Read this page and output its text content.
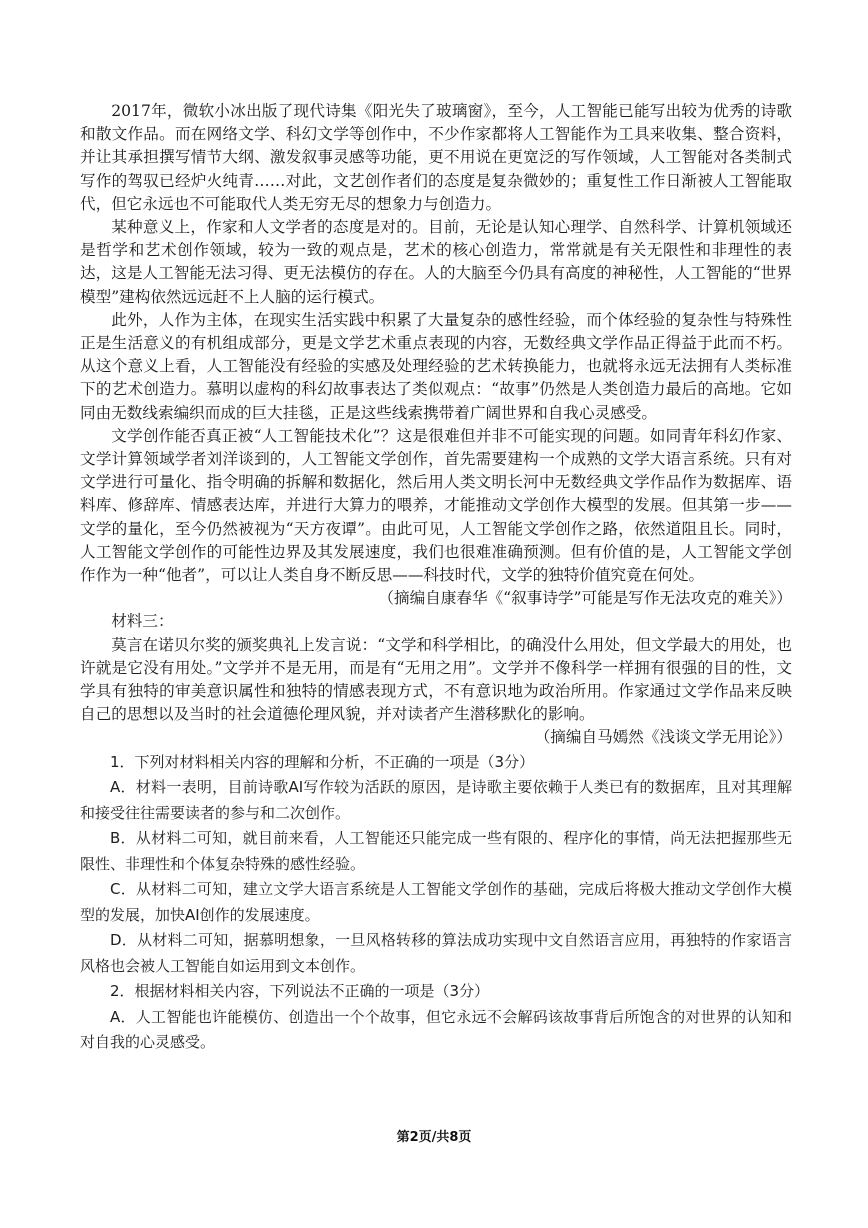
2017年，微软小冰出版了现代诗集《阳光失了玻璃窗》，至今，人工智能已能写出较为优秀的诗歌和散文作品。而在网络文学、科幻文学等创作中，不少作家都将人工智能作为工具来收集、整合资料，并让其承担撰写情节大纲、激发叙事灵感等功能，更不用说在更宽泛的写作领域，人工智能对各类制式写作的驾驭已经炉火纯青……对此，文艺创作者们的态度是复杂微妙的；重复性工作日渐被人工智能取代，但它永远也不可能取代人类无穷无尽的想象力与创造力。

某种意义上，作家和人文学者的态度是对的。目前，无论是认知心理学、自然科学、计算机领域还是哲学和艺术创作领域，较为一致的观点是，艺术的核心创造力，常常就是有关无限性和非理性的表达，这是人工智能无法习得、更无法模仿的存在。人的大脑至今仍具有高度的神秘性，人工智能的“世界模型”建构依然远远赶不上人脑的运行模式。

此外，人作为主体，在现实生活实践中积累了大量复杂的感性经验，而个体经验的复杂性与特殊性正是生活意义的有机组成部分，更是文学艺术重点表现的内容，无数经典文学作品正得益于此而不朽。从这个意义上看，人工智能没有经验的实感及处理经验的艺术转换能力，也就将永远无法拥有人类标准下的艺术创造力。慕明以虚构的科幻故事表达了类似观点：“故事”仍然是人类创造力最后的高地。它如同由无数线索编织而成的巨大挂毯，正是这些线索携带着广阔世界和自我心灵感受。

文学创作能否真正被“人工智能技术化”？这是很难但并非不可能实现的问题。如同青年科幻作家、文学计算领域学者刘洋谈到的，人工智能文学创作，首先需要建构一个成熟的文学大语言系统。只有对文学进行可量化、指令明确的拆解和数据化，然后用人类文明长河中无数经典文学作品作为数据库、语料库、修辞库、情感表达库，并进行大算力的喂养，才能推动文学创作大模型的发展。但其第一步——文学的量化，至今仍然被视为“天方夜谭”。由此可见，人工智能文学创作之路，依然道阻且长。同时，人工智能文学创作的可能性边界及其发展速度，我们也很难准确预测。但有价值的是，人工智能文学创作作为一种“他者”，可以让人类自身不断反思——科技时代，文学的独特价值究竟在何处。

（摘编自康春华《“叙事诗学”可能是写作无法攻克的难关》）

材料三：

莫言在诺贝尔奖的颁奖典礼上发言说：“文学和科学相比，的确没什么用处，但文学最大的用处，也许就是它没有用处。”文学并不是无用，而是有“无用之用”。文学并不像科学一样拥有很强的目的性，文学具有独特的审美意识属性和独特的情感表现方式，不有意识地为政治所用。作家通过文学作品来反映自己的思想以及当时的社会道德伦理风貌，并对读者产生潜移默化的影响。

（摘编自马嫣然《浅谈文学无用论》）

1．下列对材料相关内容的理解和分析，不正确的一项是（3分）

A．材料一表明，目前诗歌AI写作较为活跃的原因，是诗歌主要依赖于人类已有的数据库，且对其理解和接受往往需要读者的参与和二次创作。

B．从材料二可知，就目前来看，人工智能还只能完成一些有限的、程序化的事情，尚无法把握那些无限性、非理性和个体复杂特殊的感性经验。

C．从材料二可知，建立文学大语言系统是人工智能文学创作的基础，完成后将极大推动文学创作大模型的发展，加快AI创作的发展速度。

D．从材料二可知，据慕明想象，一旦风格转移的算法成功实现中文自然语言应用，再独特的作家语言风格也会被人工智能自如运用到文本创作。

2．根据材料相关内容，下列说法不正确的一项是（3分）

A．人工智能也许能模仿、创造出一个个故事，但它永远不会解码该故事背后所饱含的对世界的认知和对自我的心灵感受。

第2页/共8页
